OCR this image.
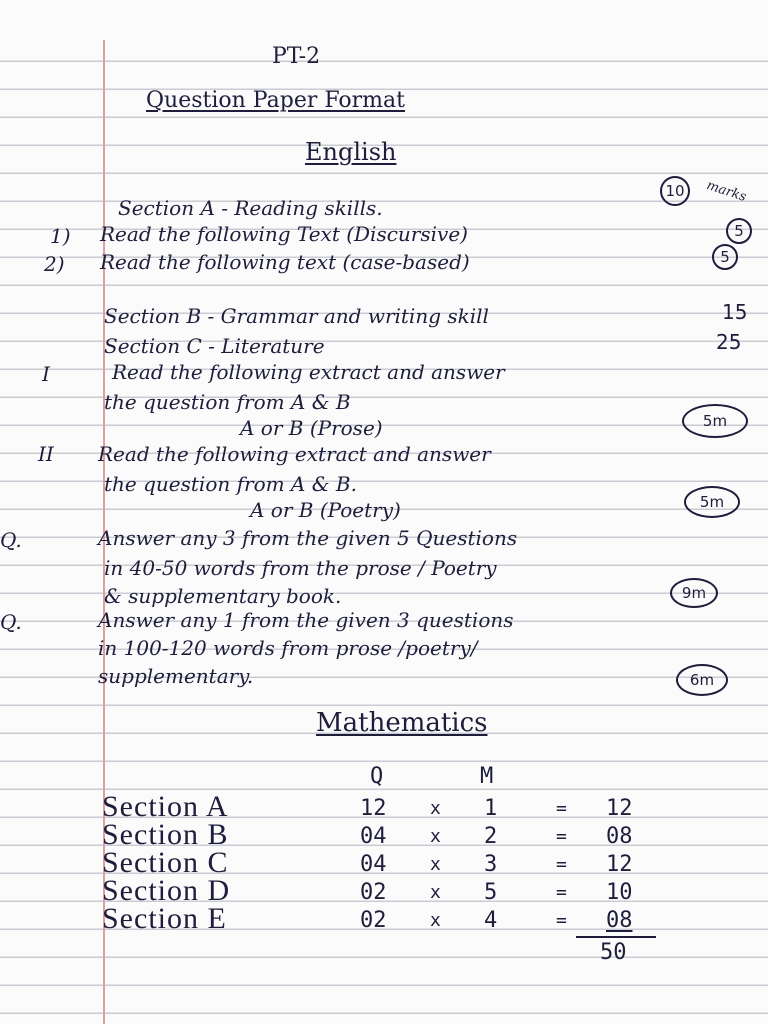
PT-2
Question Paper Format
English
Section A - Reading skills.
10 marks
1) Read the following Text (Discursive)	5
2) Read the following text (case-based)	5
Section B - Grammar and writing skill	15
Section C - Literature	25
I	Read the following extract and answer
the question from A & B
A or B (Prose)	5m
II Read the following extract and answer
the question from A & B.
A or B (Poetry)	5m
Q.	Answer any 3 from the given 5 Questions
in 40-50 words from the prose / Poetry
& supplementary book.	9m
Q.	Answer any 1 from the given 3 questions
in 100-120 words from prose /poetry/
supplementary.	6m
Mathematics
Q	M
Section A	12 x 1	= 12
Section B	04 x 2	= 08
Section C	04 x 3	= 12
Section D	02 x 5	= 10
Section E	02 x 4	= 08
50
